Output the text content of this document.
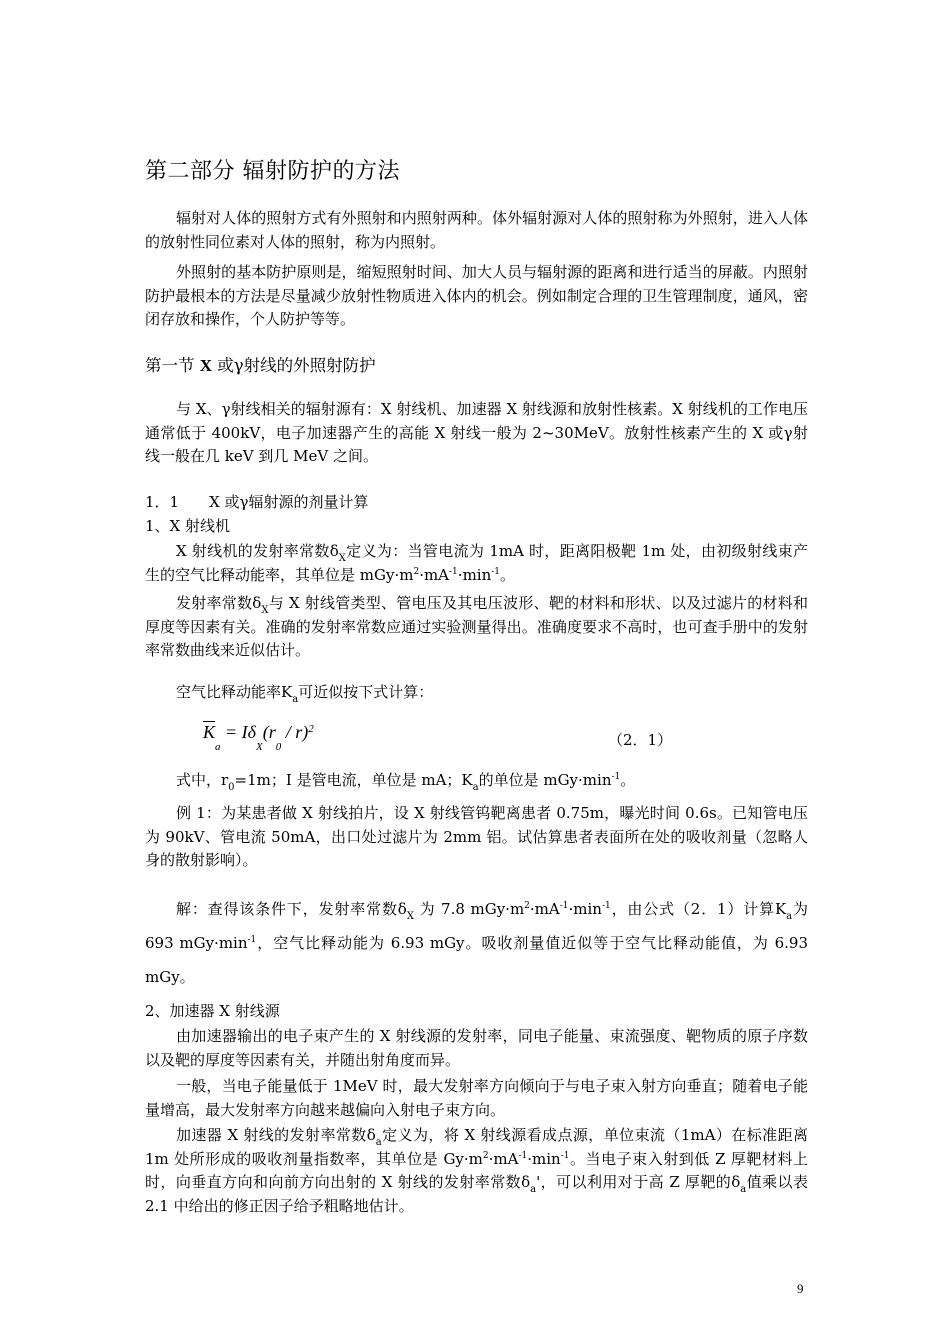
第二部分 辐射防护的方法
辐射对人体的照射方式有外照射和内照射两种。体外辐射源对人体的照射称为外照射，进入人体的放射性同位素对人体的照射，称为内照射。
外照射的基本防护原则是，缩短照射时间、加大人员与辐射源的距离和进行适当的屏蔽。内照射防护最根本的方法是尽量减少放射性物质进入体内的机会。例如制定合理的卫生管理制度，通风，密闭存放和操作，个人防护等等。
第一节 X 或γ射线的外照射防护
与 X、γ射线相关的辐射源有：X 射线机、加速器 X 射线源和放射性核素。X 射线机的工作电压通常低于 400kV，电子加速器产生的高能 X 射线一般为 2~30MeV。放射性核素产生的 X 或γ射线一般在几 keV 到几 MeV 之间。
1．1　　X 或γ辐射源的剂量计算
1、X 射线机
X 射线机的发射率常数$\delta_X$定义为：当管电流为 1mA 时，距离阳极靶 1m 处，由初级射线束产生的空气比释动能率，其单位是 $mGy\cdot m^2\cdot mA^{-1}\cdot\min^{-1}$。
发射率常数$\delta_X$与 X 射线管类型、管电压及其电压波形、靶的材料和形状、以及过滤片的材料和厚度等因素有关。准确的发射率常数应通过实验测量得出。准确度要求不高时，也可查手册中的发射率常数曲线来近似估计。
空气比释动能率$K_a$可近似按下式计算：
$\overline{K}_a = I\delta_X(r_0 / r)^2$
（2．1）
式中，$r_0=1m$；I 是管电流，单位是 mA；$K_a$的单位是 $mGy\cdot\min^{-1}$。
例 1：为某患者做 X 射线拍片，设 X 射线管钨靶离患者 0.75m，曝光时间 0.6s。已知管电压为 90kV、管电流 50mA，出口处过滤片为 2mm 铝。试估算患者表面所在处的吸收剂量（忽略人身的散射影响）。
解：查得该条件下，发射率常数$\delta_X$ 为 7.8 $mGy\cdot m^2\cdot mA^{-1}\cdot\min^{-1}$，由公式（2．1）计算$K_a$为 693 $mGy\cdot\min^{-1}$，空气比释动能为 6.93 mGy。吸收剂量值近似等于空气比释动能值，为 6.93 mGy。
2、加速器 X 射线源
由加速器输出的电子束产生的 X 射线源的发射率，同电子能量、束流强度、靶物质的原子序数以及靶的厚度等因素有关，并随出射角度而异。
一般，当电子能量低于 1MeV 时，最大发射率方向倾向于与电子束入射方向垂直；随着电子能量增高，最大发射率方向越来越偏向入射电子束方向。
加速器 X 射线的发射率常数$\delta_a$定义为，将 X 射线源看成点源，单位束流（1mA）在标准距离 1m 处所形成的吸收剂量指数率，其单位是 $Gy\cdot m^2\cdot mA^{-1}\cdot\min^{-1}$。当电子束入射到低 Z 厚靶材料上时，向垂直方向和向前方向出射的 X 射线的发射率常数$\delta_a'$，可以利用对于高 Z 厚靶的$\delta_a$值乘以表 2.1 中给出的修正因子给予粗略地估计。
9
